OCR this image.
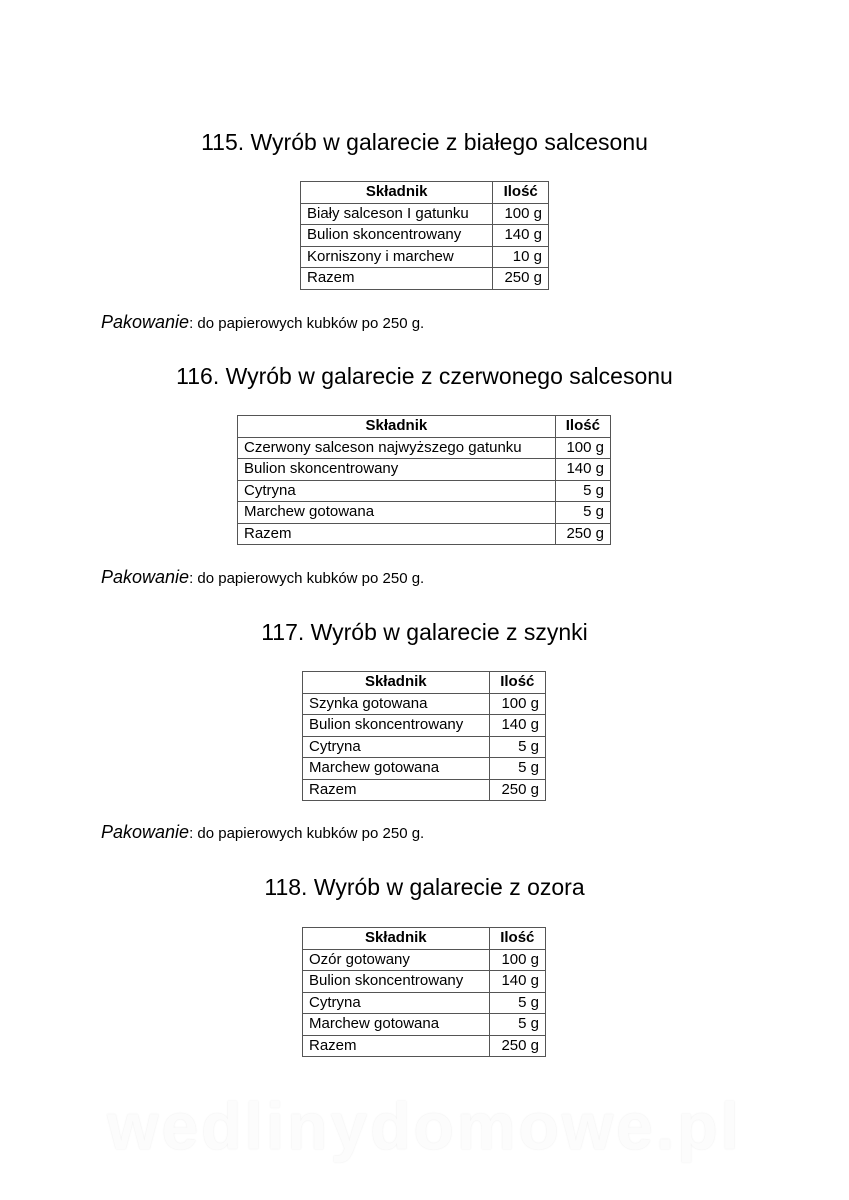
115. Wyrób w galarecie z białego salcesonu
Składnik	Ilość
Biały salceson I gatunku	100 g
Bulion skoncentrowany	140 g
Korniszony i marchew	10 g
Razem	250 g
Pakowanie: do papierowych kubków po 250 g.
116. Wyrób w galarecie z czerwonego salcesonu
Składnik	Ilość
Czerwony salceson najwyższego gatunku	100 g
Bulion skoncentrowany	140 g
Cytryna	5 g
Marchew gotowana	5 g
Razem	250 g
Pakowanie: do papierowych kubków po 250 g.
117. Wyrób w galarecie z szynki
Składnik	Ilość
Szynka gotowana	100 g
Bulion skoncentrowany	140 g
Cytryna	5 g
Marchew gotowana	5 g
Razem	250 g
Pakowanie: do papierowych kubków po 250 g.
118. Wyrób w galarecie z ozora
Składnik	Ilość
Ozór gotowany	100 g
Bulion skoncentrowany	140 g
Cytryna	5 g
Marchew gotowana	5 g
Razem	250 g
wedlinydomowe.pl
